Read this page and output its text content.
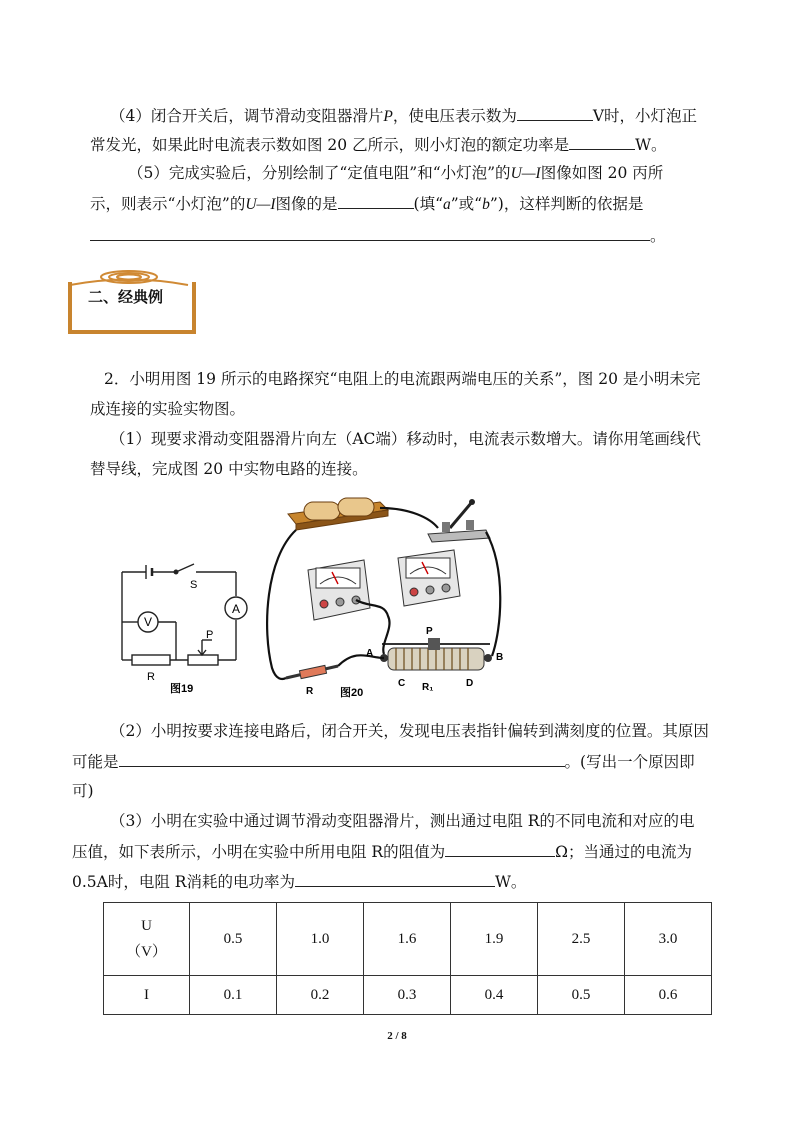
（4）闭合开关后，调节滑动变阻器滑片P，使电压表示数为	V时，小灯泡正
常发光，如果此时电流表示数如图 20 乙所示，则小灯泡的额定功率是	W。
（5）完成实验后，分别绘制了“定值电阻”和“小灯泡”的U—I图像如图 20 丙所
示，则表示“小灯泡”的U—I图像的是	(填“a”或“b”)，这样判断的依据是
。
二、经典例
2．小明用图 19 所示的电路探究“电阻上的电流跟两端电压的关系”，图 20 是小明未完
成连接的实验实物图。
（1）现要求滑动变阻器滑片向左（AC端）移动时，电流表示数增大。请你用笔画线代
替导线，完成图 20 中实物电路的连接。
A
V
S
P
R
图19
A	B
C	D
R₁
P
R 图20
（2）小明按要求连接电路后，闭合开关，发现电压表指针偏转到满刻度的位置。其原因
可能是	。(写出一个原因即
可)
（3）小明在实验中通过调节滑动变阻器滑片，测出通过电阻 R的不同电流和对应的电
压值，如下表所示，小明在实验中所用电阻 R的阻值为	Ω；当通过的电流为
0.5A时，电阻 R消耗的电功率为	W。
U
（V）	0.5	1.0	1.6	1.9	2.5	3.0
I	0.1	0.2	0.3	0.4	0.5	0.6
2 / 8
